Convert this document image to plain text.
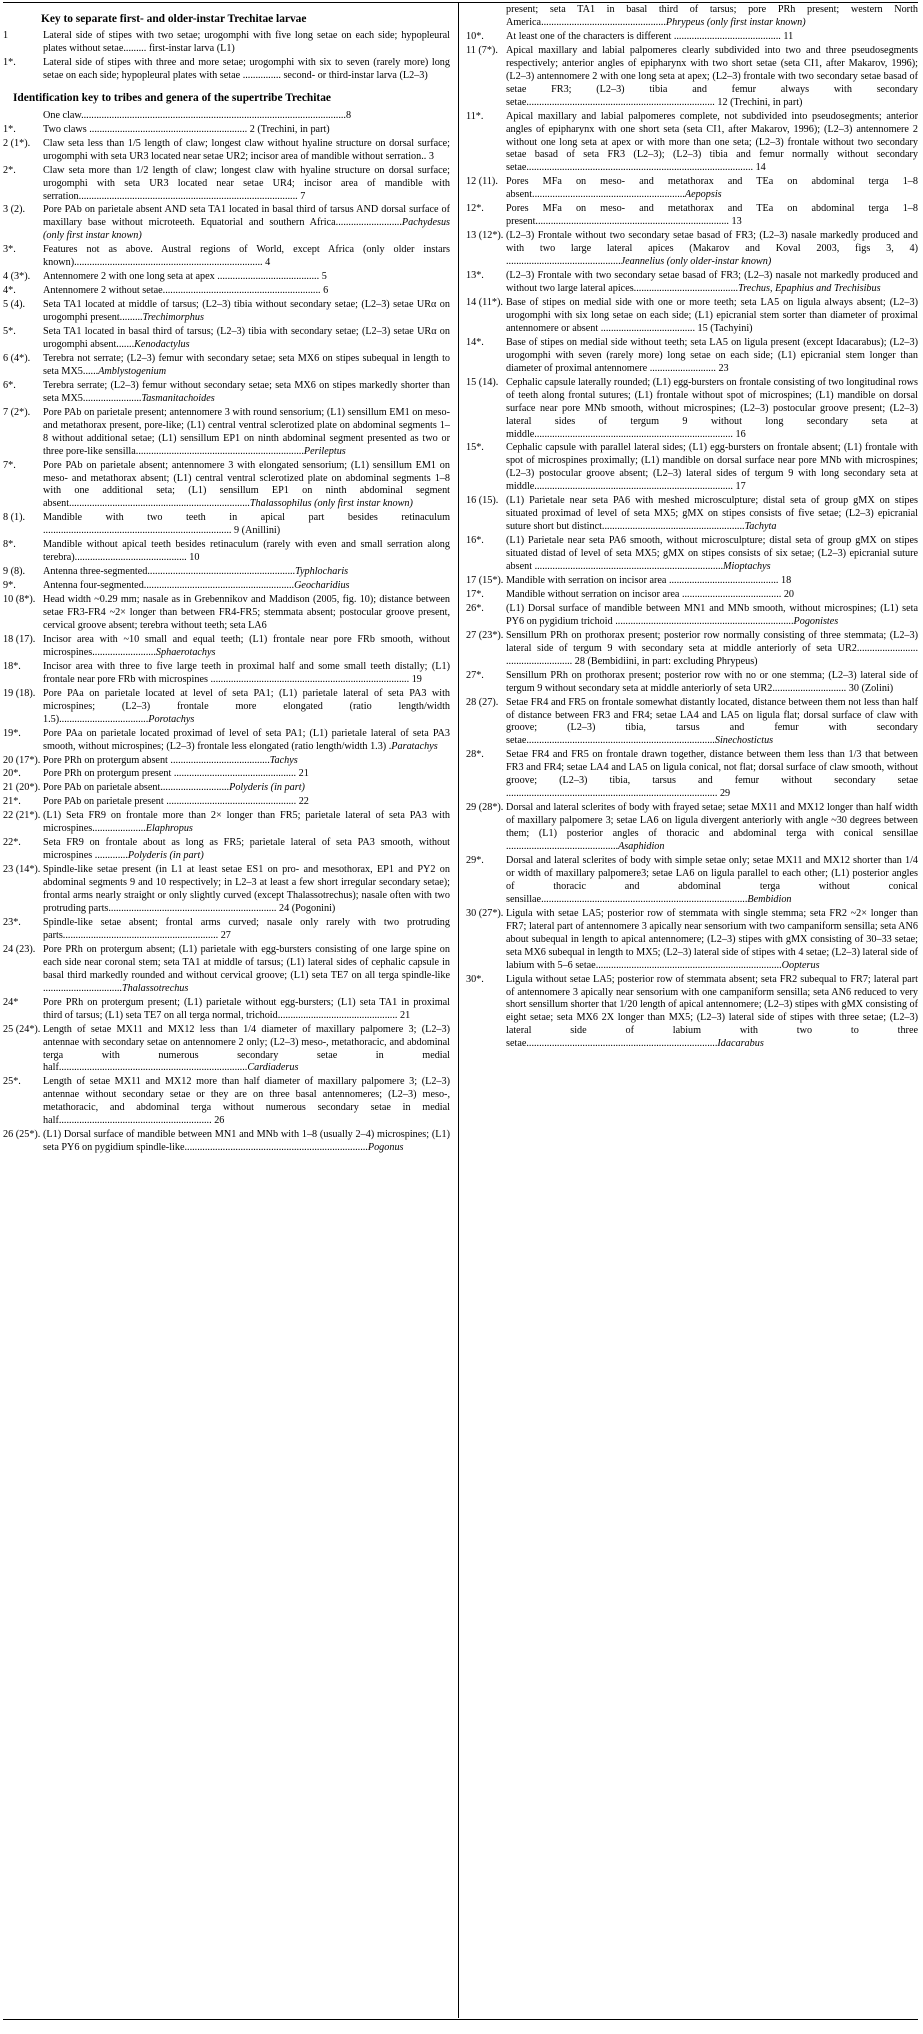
Key to separate first- and older-instar Trechitae larvae
1	Lateral side of stipes with two setae; urogomphi with five long setae on each side; hypopleural plates without setae......... first-instar larva (L1)
1*.	Lateral side of stipes with three and more setae; urogomphi with six to seven (rarely more) long setae on each side; hypopleural plates with setae ............... second- or third-instar larva (L2–3)
Identification key to tribes and genera of the supertribe Trechitae
One claw........................................................................................................8
1*.	Two claws .............................................................. 2 (Trechini, in part)
2 (1*). Claw seta less than 1/5 length of claw; longest claw without hyaline structure on dorsal surface; urogomphi with seta UR3 located near setae UR2; incisor area of mandible without serration.. 3
2*.	Claw seta more than 1/2 length of claw; longest claw with hyaline structure on dorsal surface; urogomphi with seta UR3 located near setae UR4; incisor area of mandible with serration...................................................................................... 7
3 (2). Pore PAb on parietale absent AND seta TA1 located in basal third of tarsus AND dorsal surface of maxillary base without microteeth. Equatorial and southern Africa..........................Pachydesus (only first instar known)
3*.	Features not as above. Austral regions of World, except Africa (only older instars known).......................................................................... 4
4 (3*). Antennomere 2 with one long seta at apex ........................................ 5
4*.	Antennomere 2 without setae.............................................................. 6
5 (4). Seta TA1 located at middle of tarsus; (L2–3) tibia without secondary setae; (L2–3) setae URα on urogomphi present.........Trechimorphus
5*.	Seta TA1 located in basal third of tarsus; (L2–3) tibia with secondary setae; (L2–3) setae URα on urogomphi absent.......Kenodactylus
6 (4*). Terebra not serrate; (L2–3) femur with secondary setae; seta MX6 on stipes subequal in length to seta MX5......Amblystogenium
6*.	Terebra serrate; (L2–3) femur without secondary setae; seta MX6 on stipes markedly shorter than seta MX5.......................Tasmanitachoides
7 (2*). Pore PAb on parietale present; antennomere 3 with round sensorium; (L1) sensillum EM1 on meso- and metathorax present, pore-like; (L1) central ventral sclerotized plate on abdominal segments 1–8 without additional setae; (L1) sensillum EP1 on ninth abdominal segment presented as two or three pore-like sensilla..................................................................Perileptus
7*.	Pore PAb on parietale absent; antennomere 3 with elongated sensorium; (L1) sensillum EM1 on meso- and metathorax absent; (L1) central ventral sclerotized plate on abdominal segments 1–8 with one additional seta; (L1) sensillum EP1 on ninth abdominal segment absent.......................................................................Thalassophilus (only first instar known)
8 (1). Mandible with two teeth in apical part besides retinaculum .......................................................................... 9 (Anillini)
8*.	Mandible without apical teeth besides retinaculum (rarely with even and small serration along terebra)............................................ 10
9 (8). Antenna three-segmented..........................................................Typhlocharis
9*.	Antenna four-segmented...........................................................Geocharidius
10 (8*). Head width ~0.29 mm; nasale as in Grebennikov and Maddison (2005, fig. 10); distance between setae FR3-FR4 ~2× longer than between FR4-FR5; stemmata absent; postocular groove present, cervical groove absent; terebra without teeth; seta LA6
18 (17). Incisor area with ~10 small and equal teeth; (L1) frontale near pore FRb smooth, without microspines.........................Sphaerotachys
18*. Incisor area with three to five large teeth in proximal half and some small teeth distally; (L1) frontale near pore FRb with microspines .............................................................................. 19
19 (18). Pore PAa on parietale located at level of seta PA1; (L1) parietale lateral of seta PA3 with microspines; (L2–3) frontale more elongated (ratio length/width 1.5)...................................Porotachys
19*. Pore PAa on parietale located proximad of level of seta PA1; (L1) parietale lateral of seta PA3 smooth, without microspines; (L2–3) frontale less elongated (ratio length/width 1.3) .Paratachys
20 (17*). Pore PRh on protergum absent .......................................Tachys
20*. Pore PRh on protergum present ................................................ 21
21 (20*). Pore PAb on parietale absent...........................Polyderis (in part)
21*. Pore PAb on parietale present ................................................... 22
22 (21*). (L1) Seta FR9 on frontale more than 2× longer than FR5; parietale lateral of seta PA3 with microspines.....................Elaphropus
22*. Seta FR9 on frontale about as long as FR5; parietale lateral of seta PA3 smooth, without microspines .............Polyderis (in part)
23 (14*). Spindle-like setae present (in L1 at least setae ES1 on pro- and mesothorax, EP1 and PY2 on abdominal segments 9 and 10 respectively; in L2–3 at least a few short irregular secondary setae); frontal arms nearly straight or only slightly curved (except Thalassotrechus); nasale often with two protruding parts.................................................................. 24 (Pogonini)
23*. Spindle-like setae absent; frontal arms curved; nasale only rarely with two protruding parts............................................................. 27
24 (23). Pore PRh on protergum absent; (L1) parietale with egg-bursters consisting of one large spine on each side near coronal stem; seta TA1 at middle of tarsus; (L1) lateral sides of cephalic capsule in basal third markedly rounded and without cervical groove; (L1) seta TE7 on all terga spindle-like ...............................Thalassotrechus
24* Pore PRh on protergum present; (L1) parietale without egg-bursters; (L1) seta TA1 in proximal third of tarsus; (L1) seta TE7 on all terga normal, trichoid............................................... 21
25 (24*). Length of setae MX11 and MX12 less than 1/4 diameter of maxillary palpomere 3; (L2–3) antennae with secondary setae on antennomere 2 only; (L2–3) meso-, metathoracic, and abdominal terga with numerous secondary setae in medial half..........................................................................Cardiaderus
25*. Length of setae MX11 and MX12 more than half diameter of maxillary palpomere 3; (L2–3) antennae without secondary setae or they are on three basal antennomeres; (L2–3) meso-, metathoracic, and abdominal terga without numerous secondary setae in medial half............................................................ 26
26 (25*). (L1) Dorsal surface of mandible between MN1 and MNb with 1–8 (usually 2–4) microspines; (L1) seta PY6 on pygidium spindle-like........................................................................Pogonus
present; seta TA1 in basal third of tarsus; pore PRh present; western North America.................................................Phrypeus (only first instar known)
10*. At least one of the characters is different .......................................... 11
11 (7*). Apical maxillary and labial palpomeres clearly subdivided into two and three pseudosegments respectively; anterior angles of epipharynx with two short setae (seta CI1, after Makarov, 1996); (L2–3) antennomere 2 with one long seta at apex; (L2–3) frontale with two secondary setae basad of setae FR3; (L2–3) tibia and femur always with secondary setae.......................................................................... 12 (Trechini, in part)
11*. Apical maxillary and labial palpomeres complete, not subdivided into pseudosegments; anterior angles of epipharynx with one short seta (seta CI1, after Makarov, 1996); (L2–3) antennomere 2 without one long seta at apex or with more than one seta; (L2–3) frontale without two secondary setae basad of seta FR3 (L2–3); (L2–3) tibia and femur normally without secondary setae......................................................................................... 14
12 (11). Pores MFa on meso- and metathorax and TEa on abdominal terga 1–8 absent............................................................Aepopsis
12*. Pores MFa on meso- and metathorax and TEa on abdominal terga 1–8 present............................................................................ 13
13 (12*). (L2–3) Frontale without two secondary setae basad of FR3; (L2–3) nasale markedly produced and with two large lateral apices (Makarov and Koval 2003, figs 3, 4) .............................................Jeannelius (only older-instar known)
13*. (L2–3) Frontale with two secondary setae basad of FR3; (L2–3) nasale not markedly produced and without two large lateral apices.........................................Trechus, Epaphius and Trechisibus
14 (11*). Base of stipes on medial side with one or more teeth; seta LA5 on ligula always absent; (L2–3) urogomphi with six long setae on each side; (L1) epicranial stem sorter than diameter of proximal antennomere or absent ..................................... 15 (Tachyini)
14*. Base of stipes on medial side without teeth; seta LA5 on ligula present (except Idacarabus); (L2–3) urogomphi with seven (rarely more) long setae on each side; (L1) epicranial stem longer than diameter of proximal antennomere .......................... 23
15 (14). Cephalic capsule laterally rounded; (L1) egg-bursters on frontale consisting of two longitudinal rows of teeth along frontal sutures; (L1) frontale without spot of microspines; (L1) mandible on dorsal surface near pore MNb smooth, without microspines; (L2–3) postocular groove present; (L2–3) lateral sides of tergum 9 without long secondary seta at middle.............................................................................. 16
15*. Cephalic capsule with parallel lateral sides; (L1) egg-bursters on frontale absent; (L1) frontale with spot of microspines proximally; (L1) mandible on dorsal surface near pore MNb with microspines; (L2–3) postocular groove absent; (L2–3) lateral sides of tergum 9 with long secondary seta at middle.............................................................................. 17
16 (15). (L1) Parietale near seta PA6 with meshed microsculpture; distal seta of group gMX on stipes situated proximad of level of seta MX5; gMX on stipes consists of five setae; (L2–3) epicranial suture short but distinct........................................................Tachyta
16*. (L1) Parietale near seta PA6 smooth, without microsculpture; distal seta of group gMX on stipes situated distad of level of seta MX5; gMX on stipes consists of six setae; (L2–3) epicranial suture absent ..........................................................................Mioptachys
17 (15*). Mandible with serration on incisor area ........................................... 18
17*. Mandible without serration on incisor area ....................................... 20
26*. (L1) Dorsal surface of mandible between MN1 and MNb smooth, without microspines; (L1) seta PY6 on pygidium trichoid ......................................................................Pogonistes
27 (23*). Sensillum PRh on prothorax present; posterior row normally consisting of three stemmata; (L2–3) lateral side of tergum 9 with secondary seta at middle anteriorly of seta UR2........................ .......................... 28 (Bembidiini, in part: excluding Phrypeus)
27*. Sensillum PRh on prothorax present; posterior row with no or one stemma; (L2–3) lateral side of tergum 9 without secondary seta at middle anteriorly of seta UR2............................. 30 (Zolini)
28 (27). Setae FR4 and FR5 on frontale somewhat distantly located, distance between them not less than half of distance between FR3 and FR4; setae LA4 and LA5 on ligula flat; dorsal surface of claw with groove; (L2–3) tibia, tarsus and femur with secondary setae..........................................................................Sinechostictus
28*. Setae FR4 and FR5 on frontale drawn together, distance between them less than 1/3 that between FR3 and FR4; setae LA4 and LA5 on ligula conical, not flat; dorsal surface of claw smooth, without groove; (L2–3) tibia, tarsus and femur without secondary setae ................................................................................... 29
29 (28*). Dorsal and lateral sclerites of body with frayed setae; setae MX11 and MX12 longer than half width of maxillary palpomere 3; setae LA6 on ligula divergent anteriorly with angle ~30 degrees between them; (L1) posterior angles of thoracic and abdominal terga with conical sensillae ............................................Asaphidion
29*. Dorsal and lateral sclerites of body with simple setae only; setae MX11 and MX12 shorter than 1/4 or width of maxillary palpomere3; setae LA6 on ligula parallel to each other; (L1) posterior angles of thoracic and abdominal terga without conical sensillae.................................................................................Bembidion
30 (27*). Ligula with setae LA5; posterior row of stemmata with single stemma; seta FR2 ~2× longer than FR7; lateral part of antennomere 3 apically near sensorium with two campaniform sensilla; seta AN6 about subequal in length to apical antennomere; (L2–3) stipes with gMX consisting of 30–33 setae; seta MX6 subequal in length to MX5; (L2–3) lateral side of stipes with 4 setae; (L2–3) lateral side of labium with 5–6 setae.........................................................................Oopterus
30*. Ligula without setae LA5; posterior row of stemmata absent; seta FR2 subequal to FR7; lateral part of antennomere 3 apically near sensorium with one campaniform sensilla; seta AN6 reduced to very short sensillum shorter that 1/20 length of apical antennomere; (L2–3) stipes with gMX consisting of eight setae; seta MX6 2X longer than MX5; (L2–3) lateral side of stipes with three setae; (L2–3) lateral side of labium with two to three setae...........................................................................Idacarabus
